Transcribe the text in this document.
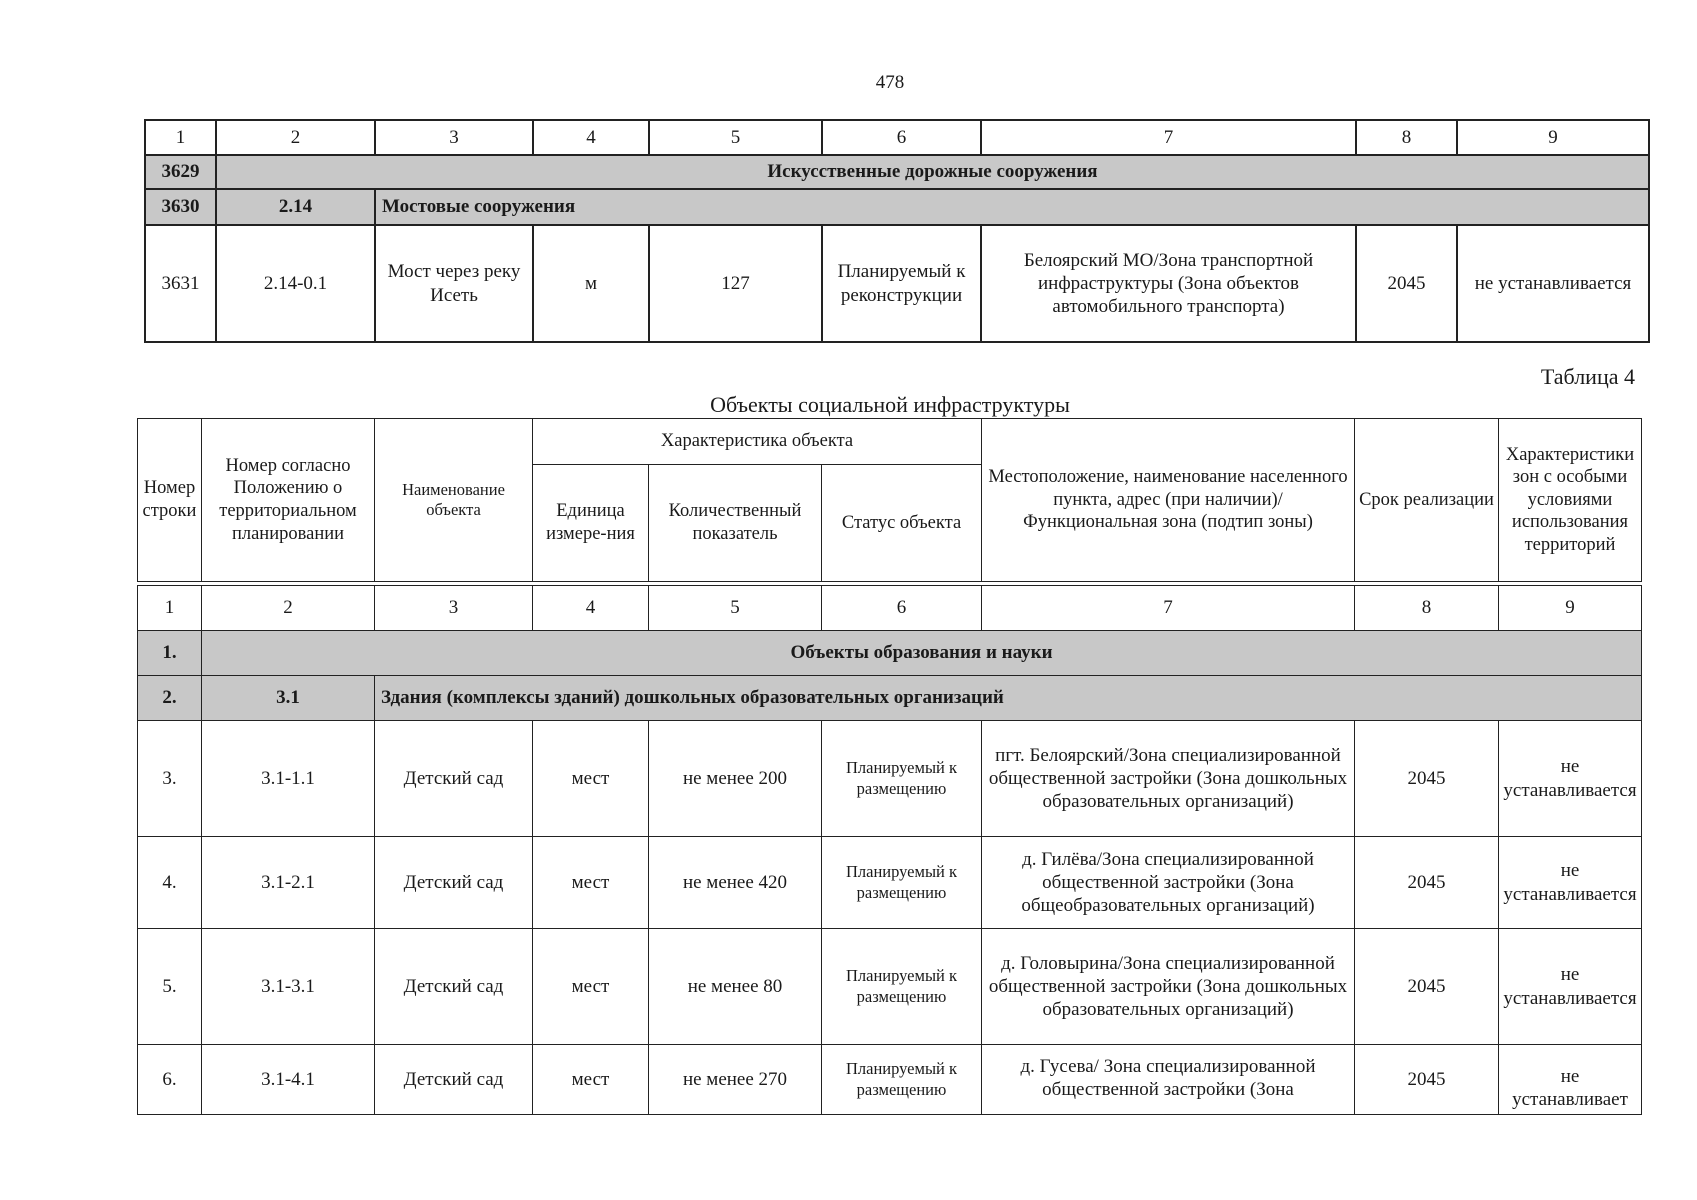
478
1	2	3	4	5	6	7	8	9
3629	Искусственные дорожные сооружения							
3630	2.14	Мостовые сооружения						
3631	2.14-0.1	Мост через реку Исеть	м	127	Планируемый к реконструкции	Белоярский МО/Зона транспортной инфраструктуры (Зона объектов автомобильного транспорта)	2045	не устанавливается
Таблица 4
Объекты социальной инфраструктуры
Номер строки	Номер согласно Положению о территориальном планировании	Наименование объекта	Характеристика объекта			Местоположение, наименование населенного пункта, адрес (при наличии)/ Функциональная зона (подтип зоны)	Срок реализации	Характеристики зон с особыми условиями использования территорий
			Единица измере-ния	Количественный показатель	Статус объекта			
1	2	3	4	5	6	7	8	9
1.	Объекты образования и науки							
2.	3.1	Здания (комплексы зданий) дошкольных образовательных организаций						
3.	3.1-1.1	Детский сад	мест	не менее 200	Планируемый к размещению	пгт. Белоярский/Зона специализированной общественной застройки (Зона дошкольных образовательных организаций)	2045	не устанавливается
4.	3.1-2.1	Детский сад	мест	не менее 420	Планируемый к размещению	д. Гилёва/Зона специализированной общественной застройки (Зона общеобразовательных организаций)	2045	не устанавливается
5.	3.1-3.1	Детский сад	мест	не менее 80	Планируемый к размещению	д. Головырина/Зона специализированной общественной застройки (Зона дошкольных образовательных организаций)	2045	не устанавливается
6.	3.1-4.1	Детский сад	мест	не менее 270	Планируемый к размещению	д. Гусева/ Зона специализированной общественной застройки (Зона	2045	не устанавливает
